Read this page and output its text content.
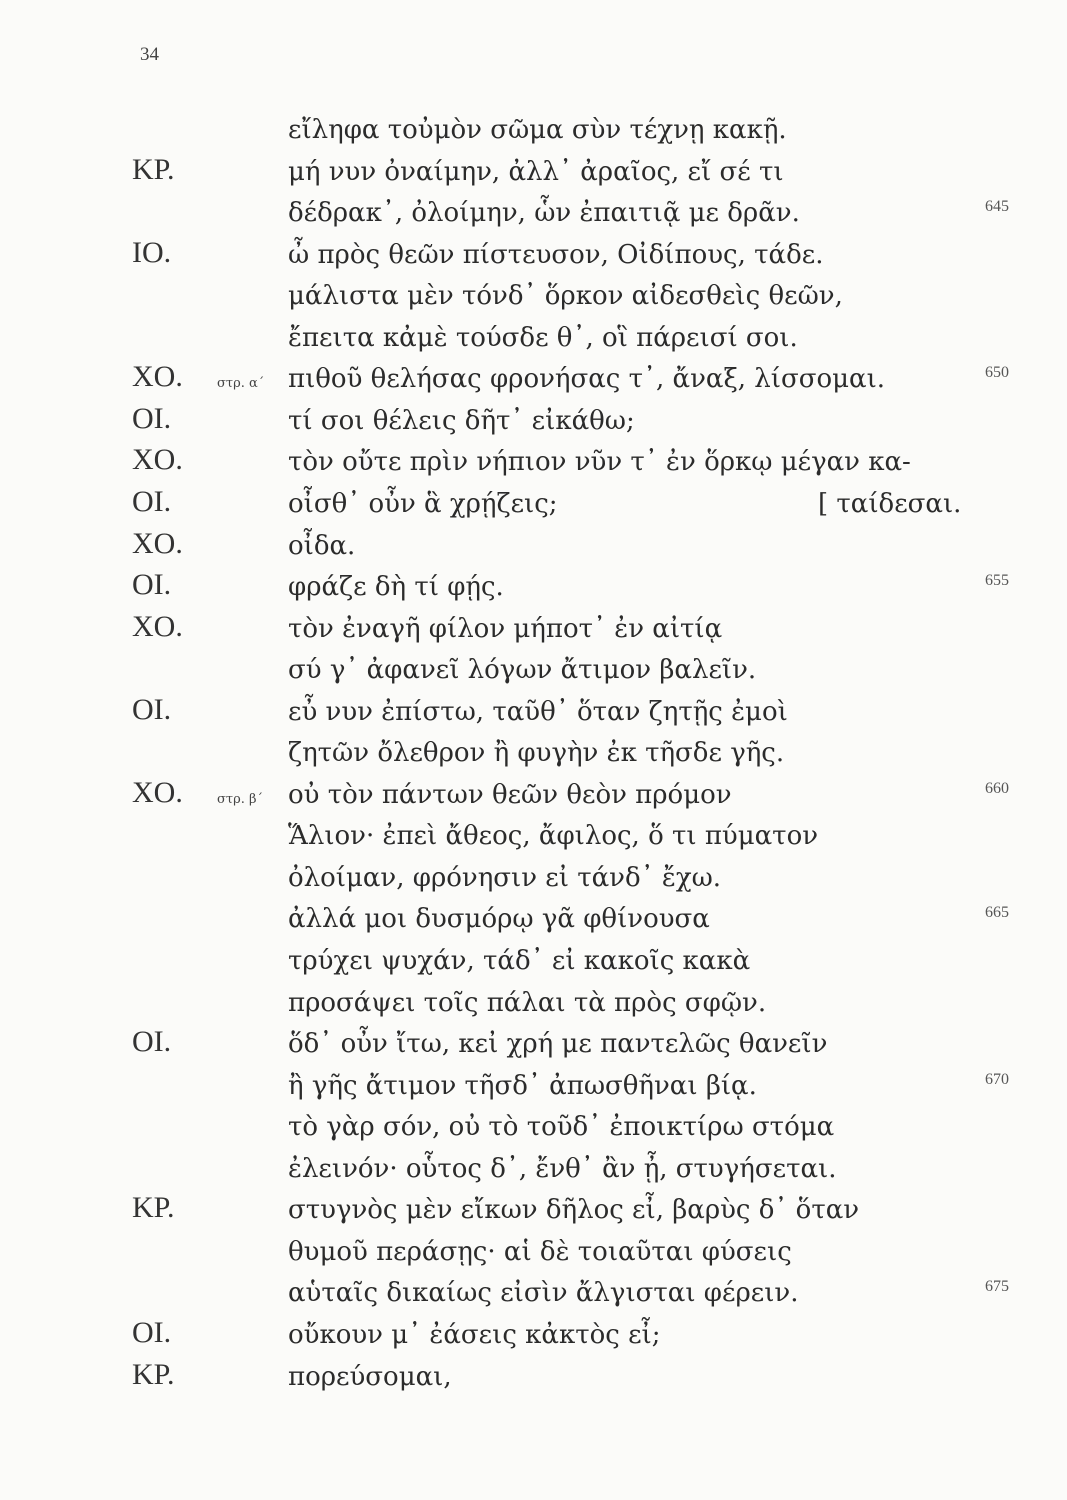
34
εἴληφα τοὐμὸν σῶμα σὺν τέχνῃ κακῇ.
ΚΡ.	μή νυν ὀναίμην, ἀλλ᾽ ἀραῖος, εἴ σέ τι
δέδρακ᾽, ὀλοίμην, ὧν ἐπαιτιᾷ με δρᾶν.	645
ΙΟ.	ὦ πρὸς θεῶν πίστευσον, Οἰδίπους, τάδε.
μάλιστα μὲν τόνδ᾽ ὅρκον αἰδεσθεὶς θεῶν,
ἔπειτα κἀμὲ τούσδε θ᾽, οἳ πάρεισί σοι.
ΧΟ.	στρ. α´ πιθοῦ θελήσας φρονήσας τ᾽, ἄναξ, λίσσομαι.	650
ΟΙ.	τί σοι θέλεις δῆτ᾽ εἰκάθω;
ΧΟ.	τὸν οὔτε πρὶν νήπιον νῦν τ᾽ ἐν ὅρκῳ μέγαν κα-
ΟΙ.	οἶσθ᾽ οὖν ἃ χρῄζεις;	[ ταίδεσαι.
ΧΟ.	οἶδα.
ΟΙ.	φράζε δὴ τί φῄς.	655
ΧΟ.	τὸν ἐναγῆ φίλον μήποτ᾽ ἐν αἰτίᾳ
σύ γ᾽ ἀφανεῖ λόγων ἄτιμον βαλεῖν.
ΟΙ.	εὖ νυν ἐπίστω, ταῦθ᾽ ὅταν ζητῇς ἐμοὶ
ζητῶν ὄλεθρον ἢ φυγὴν ἐκ τῆσδε γῆς.
ΧΟ.	στρ. β´ οὐ τὸν πάντων θεῶν θεὸν πρόμον	660
Ἅλιον· ἐπεὶ ἄθεος, ἄφιλος, ὅ τι πύματον
ὀλοίμαν, φρόνησιν εἰ τάνδ᾽ ἔχω.
ἀλλά μοι δυσμόρῳ γᾶ φθίνουσα	665
τρύχει ψυχάν, τάδ᾽ εἰ κακοῖς κακὰ
προσάψει τοῖς πάλαι τὰ πρὸς σφῷν.
ΟΙ.	ὅδ᾽ οὖν ἴτω, κεἰ χρή με παντελῶς θανεῖν
ἢ γῆς ἄτιμον τῆσδ᾽ ἀπωσθῆναι βίᾳ.	670
τὸ γὰρ σόν, οὐ τὸ τοῦδ᾽ ἐποικτίρω στόμα
ἐλεινόν· οὗτος δ᾽, ἔνθ᾽ ἂν ᾖ, στυγήσεται.
ΚΡ.	στυγνὸς μὲν εἴκων δῆλος εἶ, βαρὺς δ᾽ ὅταν
θυμοῦ περάσῃς· αἱ δὲ τοιαῦται φύσεις
αὑταῖς δικαίως εἰσὶν ἄλγισται φέρειν.	675
ΟΙ.	οὔκουν μ᾽ ἐάσεις κἀκτὸς εἶ;
ΚΡ.	πορεύσομαι,
